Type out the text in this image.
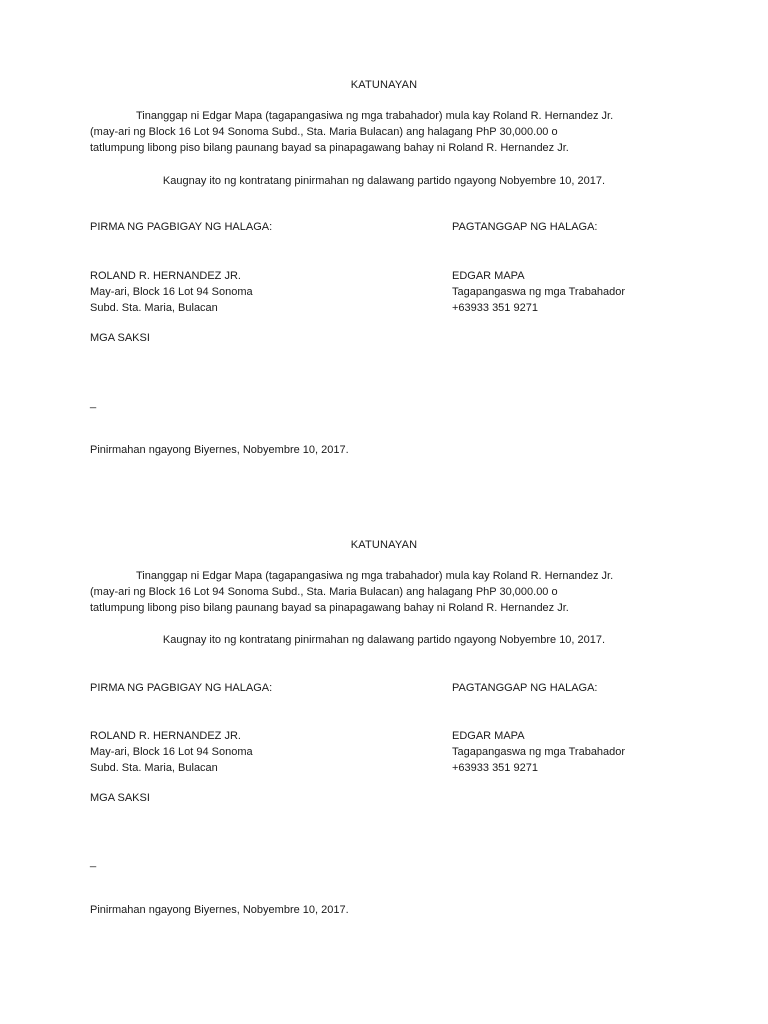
KATUNAYAN
Tinanggap ni Edgar Mapa (tagapangasiwa ng mga trabahador) mula kay Roland R. Hernandez Jr.
(may-ari ng Block 16 Lot 94 Sonoma Subd., Sta. Maria Bulacan) ang halagang PhP 30,000.00 o
tatlumpung libong piso bilang paunang bayad sa pinapagawang bahay ni Roland R. Hernandez Jr.
Kaugnay ito ng kontratang pinirmahan ng dalawang partido ngayong Nobyembre 10, 2017.
PIRMA NG PAGBIGAY NG HALAGA:	PAGTANGGAP NG HALAGA:
ROLAND R. HERNANDEZ JR.
May-ari, Block 16 Lot 94 Sonoma
Subd. Sta. Maria, Bulacan
EDGAR MAPA
Tagapangaswa ng mga Trabahador
+63933 351 9271
MGA SAKSI
_
Pinirmahan ngayong Biyernes, Nobyembre 10, 2017.
KATUNAYAN
Tinanggap ni Edgar Mapa (tagapangasiwa ng mga trabahador) mula kay Roland R. Hernandez Jr.
(may-ari ng Block 16 Lot 94 Sonoma Subd., Sta. Maria Bulacan) ang halagang PhP 30,000.00 o
tatlumpung libong piso bilang paunang bayad sa pinapagawang bahay ni Roland R. Hernandez Jr.
Kaugnay ito ng kontratang pinirmahan ng dalawang partido ngayong Nobyembre 10, 2017.
PIRMA NG PAGBIGAY NG HALAGA:	PAGTANGGAP NG HALAGA:
ROLAND R. HERNANDEZ JR.
May-ari, Block 16 Lot 94 Sonoma
Subd. Sta. Maria, Bulacan
EDGAR MAPA
Tagapangaswa ng mga Trabahador
+63933 351 9271
MGA SAKSI
_
Pinirmahan ngayong Biyernes, Nobyembre 10, 2017.
